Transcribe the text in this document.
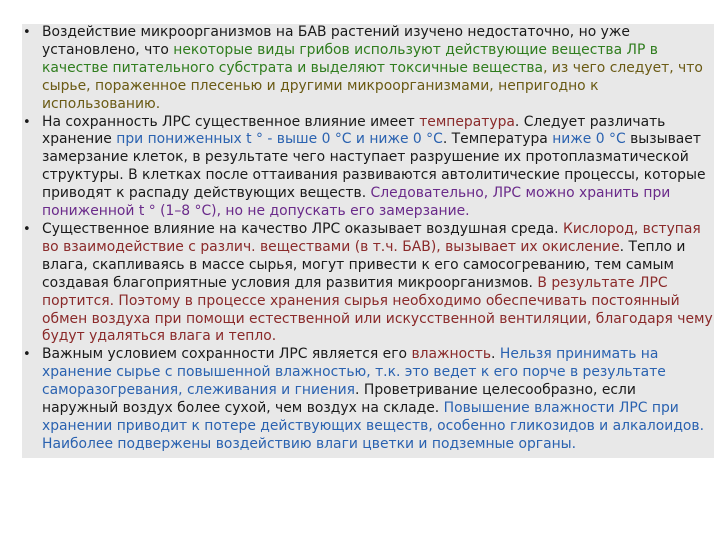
• Воздействие микроорганизмов на БАВ растений изучено недостаточно, но уже установлено, что некоторые виды грибов используют действующие вещества ЛР в качестве питательного субстрата и выделяют токсичные вещества, из чего следует, что сырье, пораженное плесенью и другими микроорганизмами, непригодно к использованию.
• На сохранность ЛРС существенное влияние имеет температура. Следует различать хранение при пониженных t ° - выше 0 °С и ниже 0 °С. Температура ниже 0 °С вызывает замерзание клеток, в результате чего наступает разрушение их протоплазматической структуры. В клетках после оттаивания развиваются автолитические процессы, которые приводят к распаду действующих веществ. Следовательно, ЛРС можно хранить при пониженной t ° (1–8 °С), но не допускать его замерзание.
• Существенное влияние на качество ЛРС оказывает воздушная среда. Кислород, вступая во взаимодействие с различ. веществами (в т.ч. БАВ), вызывает их окисление. Тепло и влага, скапливаясь в массе сырья, могут привести к его самосогреванию, тем самым создавая благоприятные условия для развития микроорганизмов. В результате ЛРС портится. Поэтому в процессе хранения сырья необходимо обеспечивать постоянный обмен воздуха при помощи естественной или искусственной вентиляции, благодаря чему будут удаляться влага и тепло.
• Важным условием сохранности ЛРС является его влажность. Нельзя принимать на хранение сырье с повышенной влажностью, т.к. это ведет к его порче в результате саморазогревания, слеживания и гниения. Проветривание целесообразно, если наружный воздух более сухой, чем воздух на складе. Повышение влажности ЛРС при хранении приводит к потере действующих веществ, особенно гликозидов и алкалоидов. Наиболее подвержены воздействию влаги цветки и подземные органы.
